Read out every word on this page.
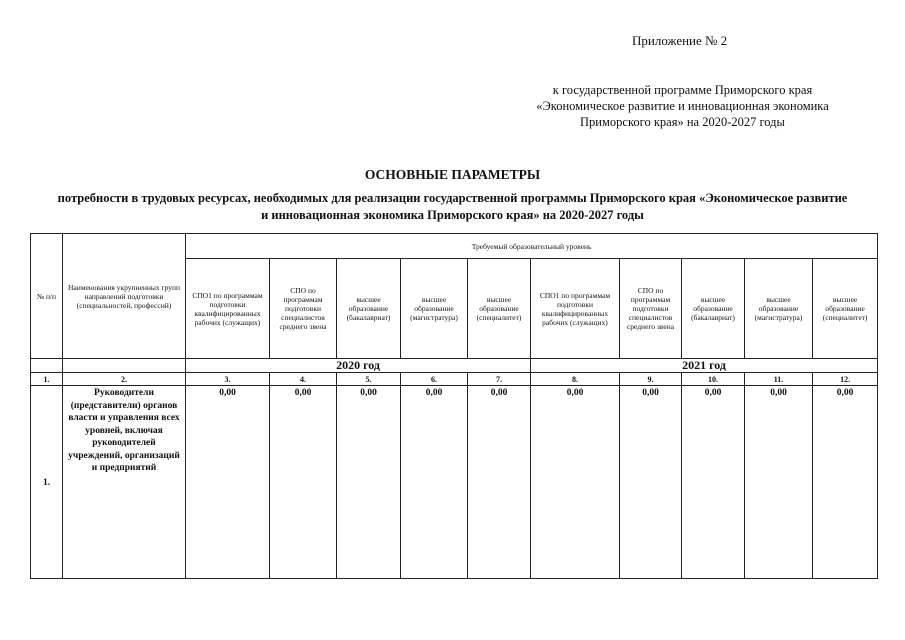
Приложение № 2
к государственной программе Приморского края
«Экономическое развитие и инновационная экономика
Приморского края» на 2020-2027 годы
ОСНОВНЫЕ ПАРАМЕТРЫ
потребности в трудовых ресурсах, необходимых для реализации государственной программы Приморского края «Экономическое развитие
и инновационная экономика Приморского края» на 2020-2027 годы
№ п/п	Наименования укрупненных групп направлений подготовки (специальностей, профессий)	Требуемый образовательный уровень									
		СПО1 по программам подготовки квалифицированных рабочих (служащих)	СПО по программам подготовки специалистов среднего звена	высшее образование (бакалавриат)	высшее образование (магистратура)	высшее образование (специалитет)	СПО1 по программам подготовки квалифицированных рабочих (служащих)	СПО по программам подготовки специалистов среднего звена	высшее образование (бакалавриат)	высшее образование (магистратура)	высшее образование (специалитет)
		2020 год					2021 год				
1.	2.	3.	4.	5.	6.	7.	8.	9.	10.	11.	12.
1.	Руководители (представители) органов власти и управления всех уровней, включая руководителей учреждений, организаций и предприятий	0,00	0,00	0,00	0,00	0,00	0,00	0,00	0,00	0,00	0,00
